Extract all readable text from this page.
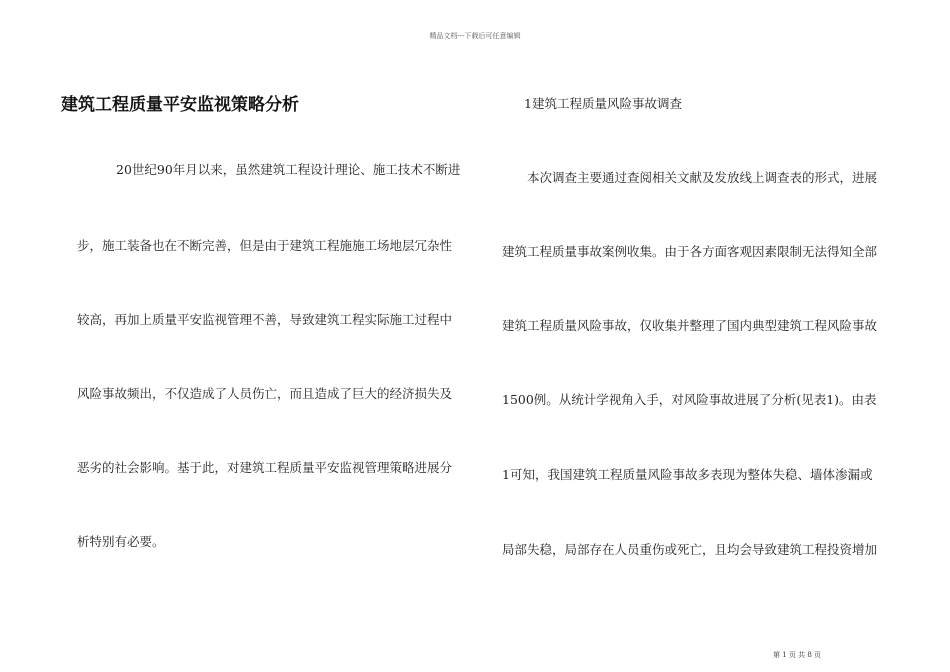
精品文档---下载后可任意编辑
建筑工程质量平安监视策略分析
20世纪90年月以来，虽然建筑工程设计理论、施工技术不断进
步，施工装备也在不断完善，但是由于建筑工程施施工场地层冗杂性
较高，再加上质量平安监视管理不善，导致建筑工程实际施工过程中
风险事故频出，不仅造成了人员伤亡，而且造成了巨大的经济损失及
恶劣的社会影响。基于此，对建筑工程质量平安监视管理策略进展分
析特别有必要。
1建筑工程质量风险事故调查
本次调查主要通过查阅相关文献及发放线上调查表的形式，进展
建筑工程质量事故案例收集。由于各方面客观因素限制无法得知全部
建筑工程质量风险事故，仅收集并整理了国内典型建筑工程风险事故
1500例。从统计学视角入手，对风险事故进展了分析(见表1)。由表
1可知，我国建筑工程质量风险事故多表现为整体失稳、墙体渗漏或
局部失稳，局部存在人员重伤或死亡，且均会导致建筑工程投资增加
第 1 页 共 8 页
